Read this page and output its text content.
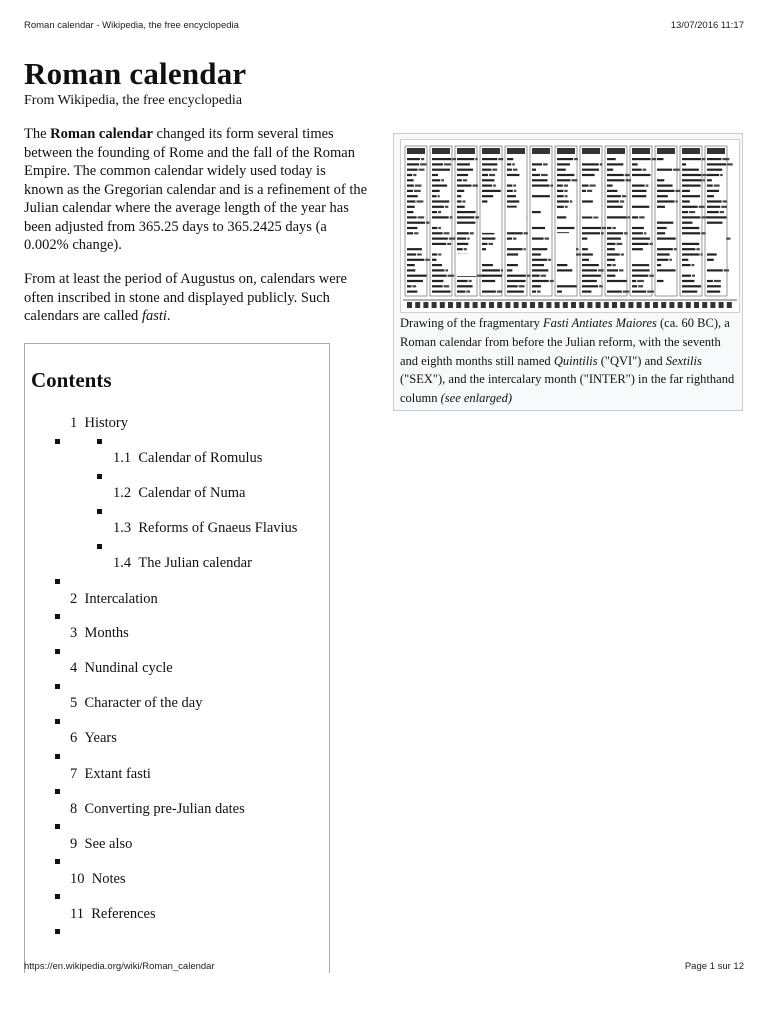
Roman calendar - Wikipedia, the free encyclopedia	13/07/2016 11:17
Roman calendar
From Wikipedia, the free encyclopedia

The Roman calendar changed its form several times between the founding of Rome and the fall of the Roman Empire. The common calendar widely used today is known as the Gregorian calendar and is a refinement of the Julian calendar where the average length of the year has been adjusted from 365.25 days to 365.2425 days (a 0.002% change).

From at least the period of Augustus on, calendars were often inscribed in stone and displayed publicly. Such calendars are called fasti.	Drawing of the fragmentary Fasti Antiates Maiores (ca. 60 BC), a Roman calendar from before the Julian reform, with the seventh and eighth months still named Quintilis ("QVI") and Sextilis ("SEX"), and the intercalary month ("INTER") in the far righthand column (see enlarged)
Contents
1 History
1.1 Calendar of Romulus
1.2 Calendar of Numa
1.3 Reforms of Gnaeus Flavius
1.4 The Julian calendar
2 Intercalation
3 Months
4 Nundinal cycle
5 Character of the day
6 Years
7 Extant fasti
8 Converting pre-Julian dates
9 See also
10 Notes
11 References
https://en.wikipedia.org/wiki/Roman_calendar	Page 1 sur 12
